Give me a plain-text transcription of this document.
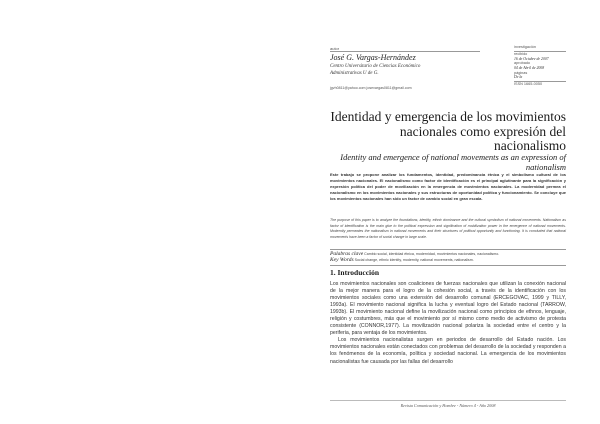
autor
José G. Vargas-Hernández
Centro Universitario de Ciencias Económico
Administrativas U de G.
jgvh0811@yahoo.com josevargas0811@gmail.com
investigación
recibido
16 de Octubre de 2007
aprobado
04 de Abril de 2008
páginas
De la
ISSN 1665-0050
Identidad y emergencia de los movimientos nacionales como expresión del nacionalismo
Identity and emergence of national movements as an expression of nationalism
Este trabajo se propone analizar los fundamentos, identidad, predominancia étnica y el simbolismo cultural de los movimientos nacionales. El nacionalismo como factor de identificación es el principal aglutinante para la significación y expresión política del poder de movilización en la emergencia de movimientos nacionales. La modernidad permea el nacionalismo en los movimientos nacionales y sus estructuras de oportunidad política y funcionamiento. Se concluye que los movimientos nacionales han sido un factor de cambio social en gran escala.
The purpose of this paper is to analyze the foundations, identity, ethnic dominance and the cultural symbolism of national movements. Nationalism as factor of identification is the main glue to the political expression and signification of mobilization power in the emergence of national movements. Modernity permeates the nationalism in national movements and their structures of political opportunity and functioning. It is concluded that national movements have been a factor of social change in large scale.
Palabras clave Cambio social, identidad étnica, modernidad, movimientos nacionales, nacionalismo.
Key Words Social change, ethnic identity, modernity, national movements, nationalism.
1. Introducción

Los movimientos nacionales son coaliciones de fuerzas nacionales que utilizan la conexión nacional de la mejor manera para el logro de la cohesión social, a través de la identificación con los movimientos sociales como una extensión del desarrollo comunal (ERCEGOVAC, 1999 y TILLY, 1993a). El movimiento nacional significa la lucha y eventual logro del Estado nacional (TARROW, 1993b). El movimiento nacional define la movilización nacional como principios de ethnos, lenguaje, religión y costumbres, más que el movimiento por sí mismo como medio de activismo de protesta consistente (CONNOR,1977). La movilización nacional polariza la sociedad entre el centro y la periferia, para ventaja de los movimientos.

Los movimientos nacionalistas surgen en periodos de desarrollo del Estado nación. Los movimientos nacionales están conectados con problemas del desarrollo de la sociedad y responden a los fenómenos de la economía, política y sociedad nacional. La emergencia de los movimientos nacionalistas fue causada por las fallas del desarrollo

Revista Comunicación y Hombre - Número 4 - Año 2008
